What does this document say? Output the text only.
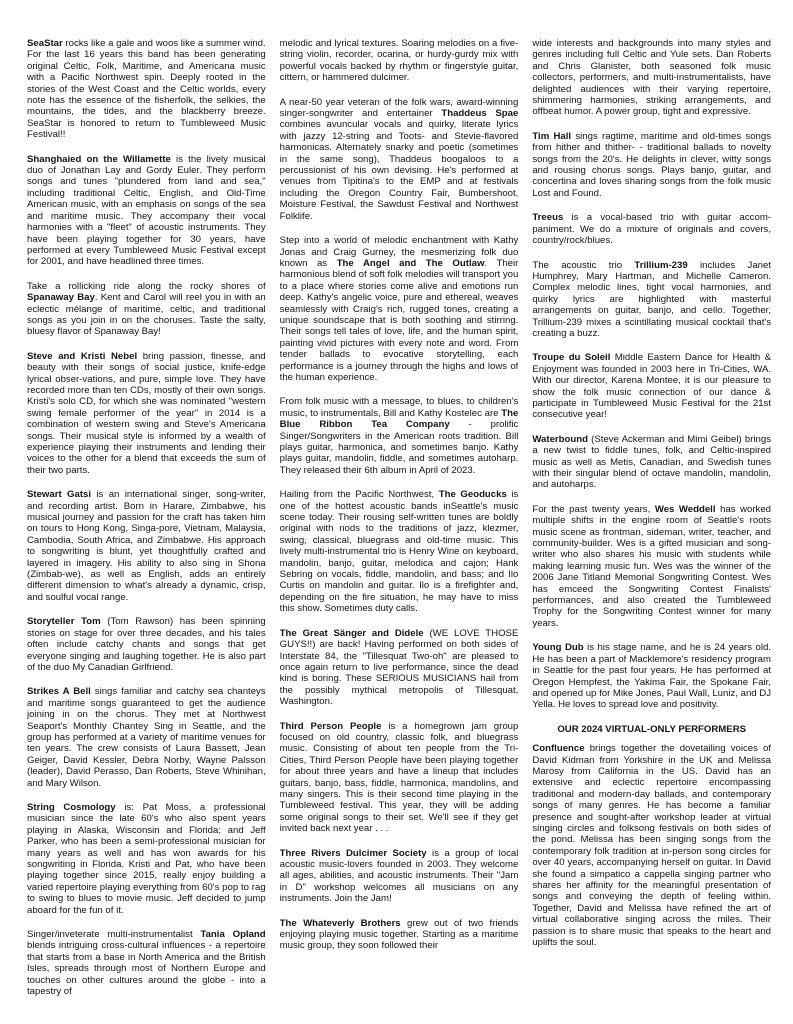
SeaStar rocks like a gale and woos like a summer wind. For the last 16 years this band has been generating original Celtic, Folk, Maritime, and Americana music with a Pacific Northwest spin. Deeply rooted in the stories of the West Coast and the Celtic worlds, every note has the essence of the fisherfolk, the selkies, the mountains, the tides, and the blackberry breeze. SeaStar is honored to return to Tumbleweed Music Festival!!

Shanghaied on the Willamette is the lively musical duo of Jonathan Lay and Gordy Euler. They perform songs and tunes "plundered from land and sea," including traditional Celtic, English, and Old-Time American music, with an emphasis on songs of the sea and maritime music. They accompany their vocal harmonies with a "fleet" of acoustic instruments. They have been playing together for 30 years, have performed at every Tumbleweed Music Festival except for 2001, and have headlined three times.

Take a rollicking ride along the rocky shores of Spanaway Bay. Kent and Carol will reel you in with an eclectic mélange of maritime, celtic, and traditional songs as you join in on the choruses. Taste the salty, bluesy flavor of Spanaway Bay!

Steve and Kristi Nebel bring passion, finesse, and beauty with their songs of social justice, knife-edge lyrical obser-vations, and pure, simple love. They have recorded more than ten CDs, mostly of their own songs. Kristi's solo CD, for which she was nominated "western swing female performer of the year" in 2014 is a combination of western swing and Steve's Americana songs. Their musical style is informed by a wealth of experience playing their instruments and lending their voices to the other for a blend that exceeds the sum of their two parts.

Stewart Gatsi is an international singer, song-writer, and recording artist. Born in Harare, Zimbabwe, his musical journey and passion for the craft has taken him on tours to Hong Kong, Singa-pore, Vietnam, Malaysia, Cambodia, South Africa, and Zimbabwe. His approach to songwriting is blunt, yet thoughtfully crafted and layered in imagery. His ability to also sing in Shona (Zimbab-we), as well as English, adds an entirely different dimension to what's already a dynamic, crisp, and soulful vocal range.

Storyteller Tom (Tom Rawson) has been spinning stories on stage for over three decades, and his tales often include catchy chants and songs that get everyone singing and laughing together. He is also part of the duo My Canadian Girlfriend.

Strikes A Bell sings familiar and catchy sea chanteys and maritime songs guaranteed to get the audience joining in on the chorus. They met at Northwest Seaport's Monthly Chantey Sing in Seattle, and the group has performed at a variety of maritime venues for ten years. The crew consists of Laura Bassett, Jean Geiger, David Kessler, Debra Norby, Wayne Palsson (leader), David Perasso, Dan Roberts, Steve Whinihan, and Mary Wilson.

String Cosmology is: Pat Moss, a professional musician since the late 60's who also spent years playing in Alaska, Wisconsin and Florida; and Jeff Parker, who has been a semi-professional musician for many years as well and has won awards for his songwriting in Florida. Kristi and Pat, who have been playing together since 2015, really enjoy building a varied repertoire playing everything from 60's pop to rag to swing to blues to movie music. Jeff decided to jump aboard for the fun of it.

Singer/inveterate multi-instrumentalist Tania Opland blends intriguing cross-cultural influences - a repertoire that starts from a base in North America and the British Isles, spreads through most of Northern Europe and touches on other cultures around the globe - into a tapestry of

melodic and lyrical textures. Soaring melodies on a five-string violin, recorder, ocarina, or hurdy-gurdy mix with powerful vocals backed by rhythm or fingerstyle guitar, cittern, or hammered dulcimer.

A near-50 year veteran of the folk wars, award-winning singer-songwriter and entertainer Thaddeus Spae combines avuncular vocals and quirky, literate lyrics with jazzy 12-string and Toots- and Stevie-flavored harmonicas. Alternately snarky and poetic (sometimes in the same song), Thaddeus boogaloos to a percussionist of his own devising. He's performed at venues from Tipitina's to the EMP and at festivals including the Oregon Country Fair, Bumbershoot, Moisture Festival, the Sawdust Festival and Northwest Folklife.

Step into a world of melodic enchantment with Kathy Jonas and Craig Gurney, the mesmerizing folk duo known as The Angel and The Outlaw. Their harmonious blend of soft folk melodies will transport you to a place where stories come alive and emotions run deep. Kathy's angelic voice, pure and ethereal, weaves seamlessly with Craig's rich, rugged tones, creating a unique soundscape that is both soothing and stirring. Their songs tell tales of love, life, and the human spirit, painting vivid pictures with every note and word. From tender ballads to evocative storytelling, each performance is a journey through the highs and lows of the human experience.

From folk music with a message, to blues, to children's music, to instrumentals, Bill and Kathy Kostelec are The Blue Ribbon Tea Company - prolific Singer/Songwriters in the American roots tradition. Bill plays guitar, harmonica, and sometimes banjo. Kathy plays guitar, mandolin, fiddle, and sometimes autoharp. They released their 6th album in April of 2023.

Hailing from the Pacific Northwest, The Geoducks is one of the hottest acoustic bands inSeattle's music scene today. Their rousing self-written tunes are boldly original with nods to the traditions of jazz, klezmer, swing, classical, bluegrass and old-time music. This lively multi-instrumental trio is Henry Wine on keyboard, mandolin, banjo, guitar, melodica and cajon; Hank Sebring on vocals, fiddle, mandolin, and bass; and Ilo Curtis on mandolin and guitar. Ilo is a firefighter and, depending on the fire situation, he may have to miss this show. Sometimes duty calls.

The Great Sänger and Didele (WE LOVE THOSE GUYS!!) are back! Having performed on both sides of Interstate 84, the "Tillesquat Two-oh" are pleased to once again return to live performance, since the dead kind is boring. These SERIOUS MUSICIANS hail from the possibly mythical metropolis of Tillesquat, Washington.

Third Person People is a homegrown jam group focused on old country, classic folk, and bluegrass music. Consisting of about ten people from the Tri-Cities, Third Person People have been playing together for about three years and have a lineup that includes guitars, banjo, bass, fiddle, harmonica, mandolins, and many singers. This is their second time playing in the Tumbleweed festival. This year, they will be adding some original songs to their set. We'll see if they get invited back next year . . .

Three Rivers Dulcimer Society is a group of local acoustic music-lovers founded in 2003. They welcome all ages, abilities, and acoustic instruments. Their "Jam in D" workshop welcomes all musicians on any instruments. Join the Jam!

The Whateverly Brothers grew out of two friends enjoying playing music together. Starting as a maritime music group, they soon followed their

wide interests and backgrounds into many styles and genres including full Celtic and Yule sets. Dan Roberts and Chris Glanister, both seasoned folk music collectors, performers, and multi-instrumentalists, have delighted audiences with their varying repertoire, shimmering harmonies, striking arrangements, and offbeat humor. A power group, tight and expressive.

Tim Hall sings ragtime, maritime and old-times songs from hither and thither- - traditional ballads to novelty songs from the 20's. He delights in clever, witty songs and rousing chorus songs. Plays banjo, guitar, and concertina and loves sharing songs from the folk music Lost and Found.

Treeus is a vocal-based trio with guitar accom-paniment. We do a mixture of originals and covers, country/rock/blues.

The acoustic trio Trillium-239 includes Janet Humphrey, Mary Hartman, and Michelle Cameron. Complex melodic lines, tight vocal harmonies, and quirky lyrics are highlighted with masterful arrangements on guitar, banjo, and cello. Together, Trillium-239 mixes a scintillating musical cocktail that's creating a buzz.

Troupe du Soleil Middle Eastern Dance for Health & Enjoyment was founded in 2003 here in Tri-Cities, WA. With our director, Karena Montee, it is our pleasure to show the folk music connection of our dance & participate in Tumbleweed Music Festival for the 21st consecutive year!

Waterbound (Steve Ackerman and Mimi Geibel) brings a new twist to fiddle tunes, folk, and Celtic-inspired music as well as Metis, Canadian, and Swedish tunes with their singular blend of octave mandolin, mandolin, and autoharps.

For the past twenty years, Wes Weddell has worked multiple shifts in the engine room of Seattle's roots music scene as frontman, sideman, writer, teacher, and community-builder. Wes is a gifted musician and song-writer who also shares his music with students while making learning music fun. Wes was the winner of the 2006 Jane Titland Memorial Songwriting Contest. Wes has emceed the Songwriting Contest Finalists' performances, and also created the Tumbleweed Trophy for the Songwriting Contest winner for many years.

Young Dub is his stage name, and he is 24 years old. He has been a part of Macklemore's residency program in Seattle for the past four years. He has performed at Oregon Hempfest, the Yakima Fair, the Spokane Fair, and opened up for Mike Jones, Paul Wall, Luniz, and DJ Yella. He loves to spread love and positivity.

OUR 2024 VIRTUAL-ONLY PERFORMERS

Confluence brings together the dovetailing voices of David Kidman from Yorkshire in the UK and Melissa Marosy from California in the US. David has an extensive and eclectic repertoire encompassing traditional and modern-day ballads, and contemporary songs of many genres. He has become a familiar presence and sought-after workshop leader at virtual singing circles and folksong festivals on both sides of the pond. Melissa has been singing songs from the contemporary folk tradition at in-person song circles for over 40 years, accompanying herself on guitar. In David she found a simpatico a cappella singing partner who shares her affinity for the meaningful presentation of songs and conveying the depth of feeling within. Together, David and Melissa have refined the art of virtual collaborative singing across the miles. Their passion is to share music that speaks to the heart and uplifts the soul.
